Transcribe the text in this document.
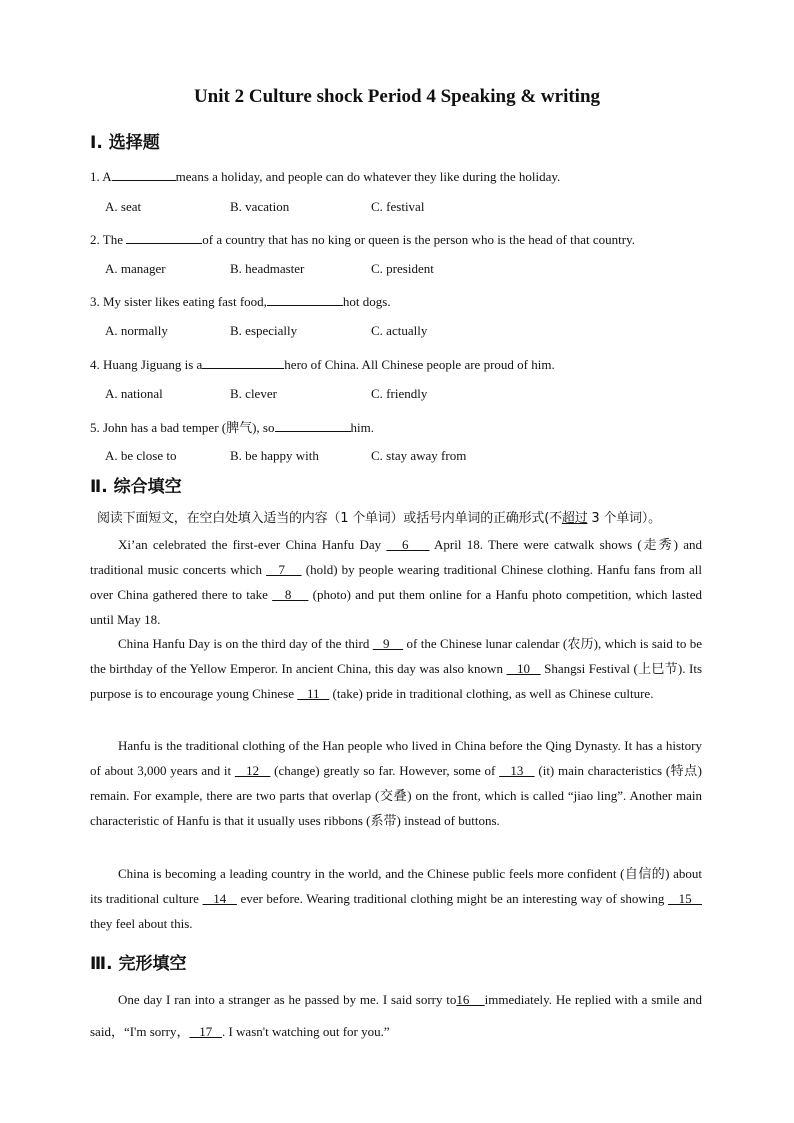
Unit 2 Culture shock Period 4 Speaking & writing
Ⅰ. 选择题
1. A	means a holiday, and people can do whatever they like during the holiday.
A. seat	B. vacation	C. festival
2. The	of a country that has no king or queen is the person who is the head of that country.
A. manager	B. headmaster	C. president
3. My sister likes eating fast food,	hot dogs.
A. normally	B. especially	C. actually
4. Huang Jiguang is a	hero of China. All Chinese people are proud of him.
A. national	B. clever	C. friendly
5. John has a bad temper (脾气), so	him.
A. be close to	B. be happy with	C. stay away from
Ⅱ. 综合填空
阅读下面短文，在空白处填入适当的内容（1 个单词）或括号内单词的正确形式(不超过 3 个单词）。
Xi’an celebrated the first-ever China Hanfu Day    6     April 18. There were catwalk shows (走秀) and traditional music concerts which    7     (hold) by people wearing traditional Chinese clothing. Hanfu fans from all over China gathered there to take    8     (photo) and put them online for a Hanfu photo competition, which lasted until May 18.
China Hanfu Day is on the third day of the third    9     of the Chinese lunar calendar (农历), which is said to be the birthday of the Yellow Emperor. In ancient China, this day was also known    10    Shangsi Festival (上巳节). Its purpose is to encourage young Chinese    11    (take) pride in traditional clothing, as well as Chinese culture.
Hanfu is the traditional clothing of the Han people who lived in China before the Qing Dynasty. It has a history of about 3,000 years and it    12    (change) greatly so far. However, some of    13    (it) main characteristics (特点) remain. For example, there are two parts that overlap (交叠) on the front, which is called “jiao ling”. Another main characteristic of Hanfu is that it usually uses ribbons (系带) instead of buttons.
China is becoming a leading country in the world, and the Chinese public feels more confident (自信的) about its traditional culture    14    ever before. Wearing traditional clothing might be an interesting way of showing    15    they feel about this.
Ⅲ. 完形填空
One day I ran into a stranger as he passed by me. I said sorry to16    immediately. He replied with a smile and said，“I'm sorry，   17   . I wasn't watching out for you.”
